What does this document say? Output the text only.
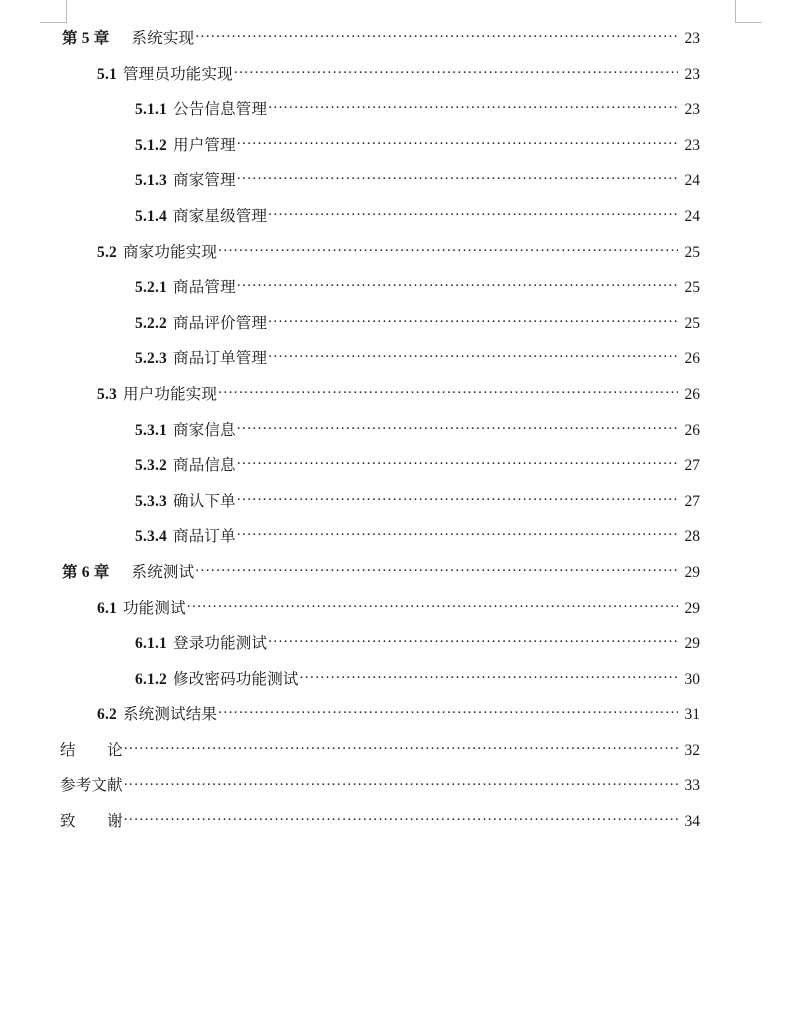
第 5 章 系统实现 .....	23
5.1 管理员功能实现 .....	23
5.1.1 公告信息管理 .....	23
5.1.2 用户管理 .....	23
5.1.3 商家管理 .....	24
5.1.4 商家星级管理 .....	24
5.2 商家功能实现 .....	25
5.2.1 商品管理 .....	25
5.2.2 商品评价管理 .....	25
5.2.3 商品订单管理 .....	26
5.3 用户功能实现 .....	26
5.3.1 商家信息 .....	26
5.3.2 商品信息 .....	27
5.3.3 确认下单 .....	27
5.3.4 商品订单 .....	28
第 6 章 系统测试 .....	29
6.1 功能测试 .....	29
6.1.1 登录功能测试 .....	29
6.1.2 修改密码功能测试 .....	30
6.2 系统测试结果 .....	31
结　　论 .....	32
参考文献 .....	33
致　　谢 .....	34
